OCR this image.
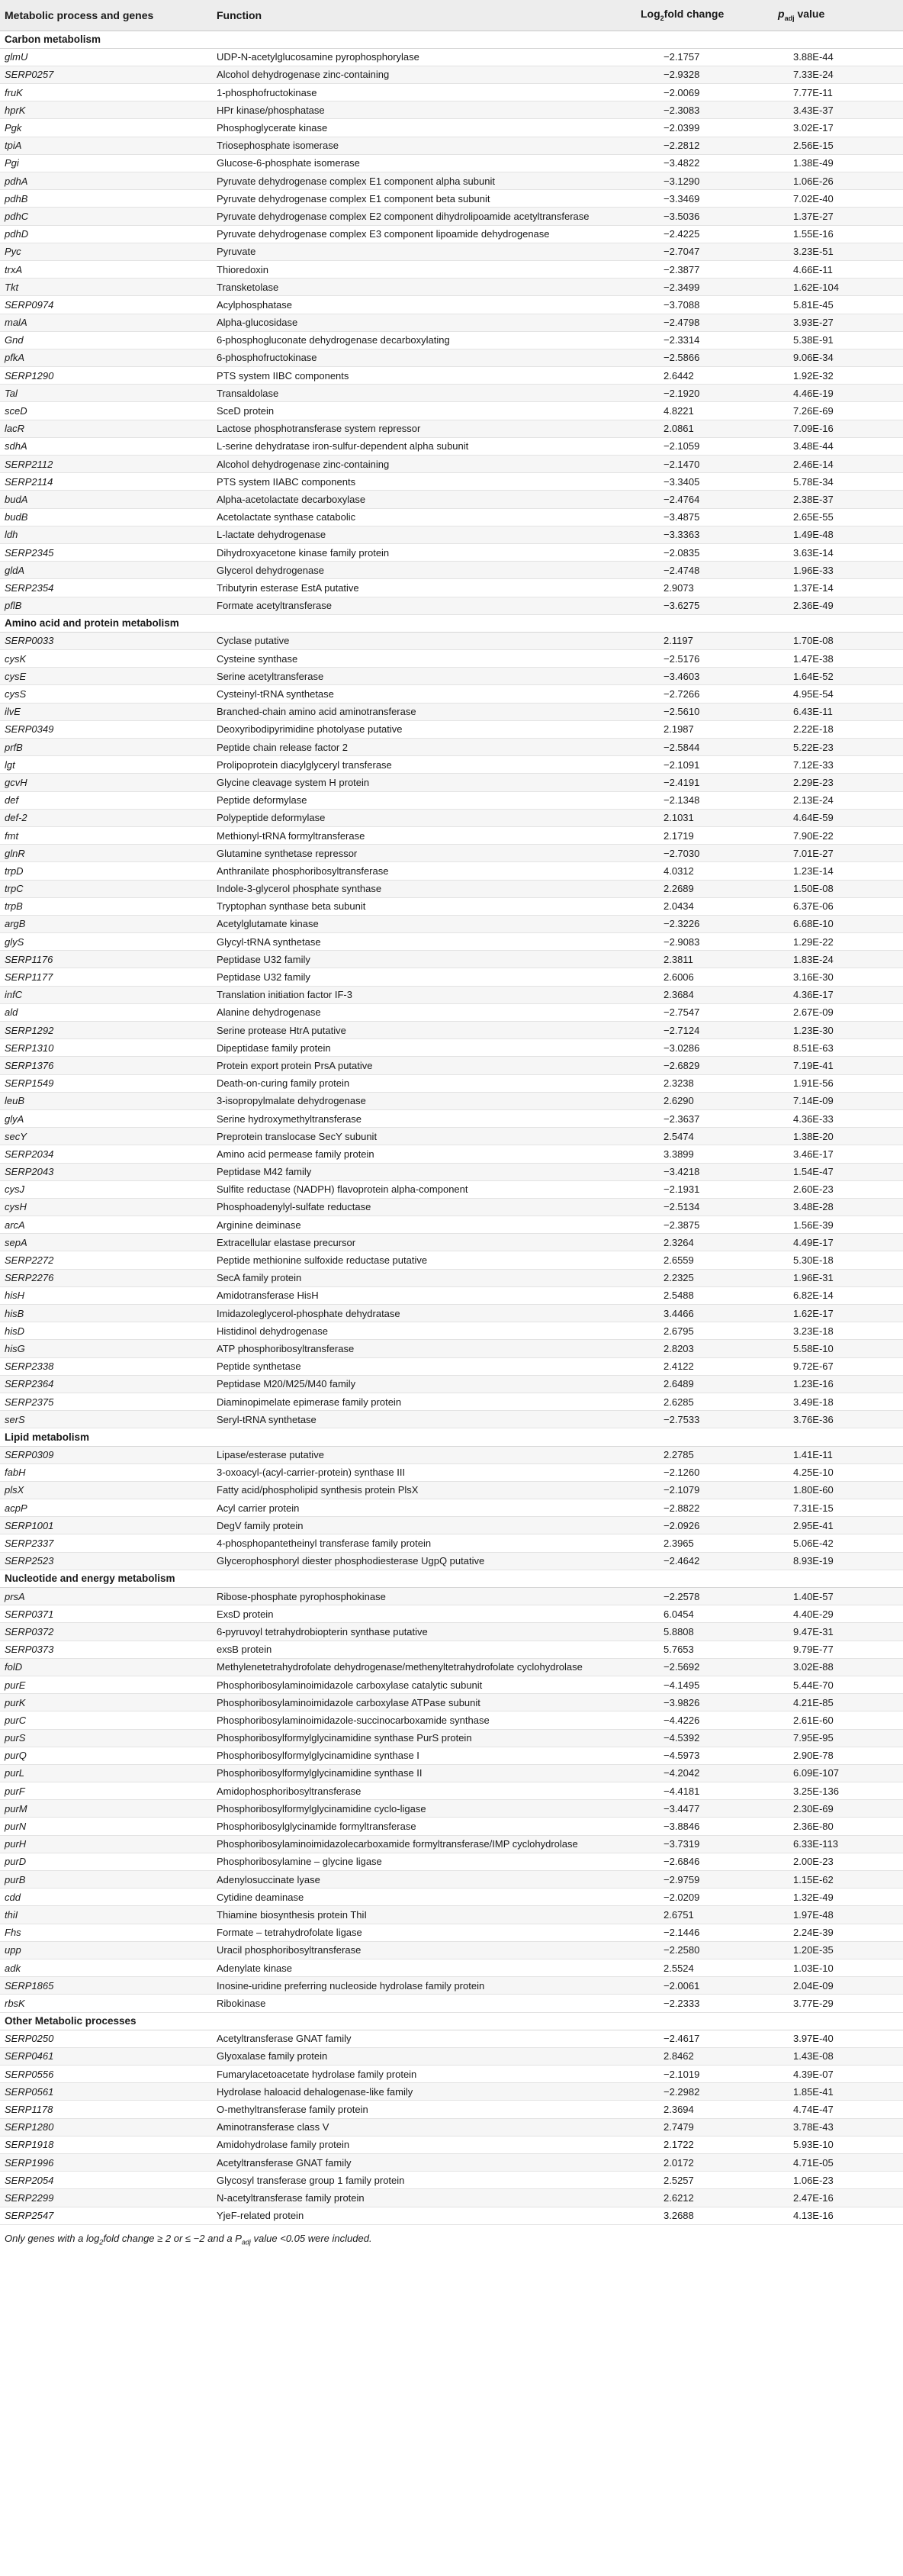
Metabolic process and genes	Function	Log$_2$fold change	$p_{adj}$ value
Carbon metabolism			
glmU	UDP-N-acetylglucosamine pyrophosphorylase	−2.1757	3.88E-44
SERP0257	Alcohol dehydrogenase zinc-containing	−2.9328	7.33E-24
fruK	1-phosphofructokinase	−2.0069	7.77E-11
hprK	HPr kinase/phosphatase	−2.3083	3.43E-37
Pgk	Phosphoglycerate kinase	−2.0399	3.02E-17
tpiA	Triosephosphate isomerase	−2.2812	2.56E-15
Pgi	Glucose-6-phosphate isomerase	−3.4822	1.38E-49
pdhA	Pyruvate dehydrogenase complex E1 component alpha subunit	−3.1290	1.06E-26
pdhB	Pyruvate dehydrogenase complex E1 component beta subunit	−3.3469	7.02E-40
pdhC	Pyruvate dehydrogenase complex E2 component dihydrolipoamide acetyltransferase	−3.5036	1.37E-27
pdhD	Pyruvate dehydrogenase complex E3 component lipoamide dehydrogenase	−2.4225	1.55E-16
Pyc	Pyruvate	−2.7047	3.23E-51
trxA	Thioredoxin	−2.3877	4.66E-11
Tkt	Transketolase	−2.3499	1.62E-104
SERP0974	Acylphosphatase	−3.7088	5.81E-45
malA	Alpha-glucosidase	−2.4798	3.93E-27
Gnd	6-phosphogluconate dehydrogenase decarboxylating	−2.3314	5.38E-91
pfkA	6-phosphofructokinase	−2.5866	9.06E-34
SERP1290	PTS system IIBC components	2.6442	1.92E-32
Tal	Transaldolase	−2.1920	4.46E-19
sceD	SceD protein	4.8221	7.26E-69
lacR	Lactose phosphotransferase system repressor	2.0861	7.09E-16
sdhA	L-serine dehydratase iron-sulfur-dependent alpha subunit	−2.1059	3.48E-44
SERP2112	Alcohol dehydrogenase zinc-containing	−2.1470	2.46E-14
SERP2114	PTS system IIABC components	−3.3405	5.78E-34
budA	Alpha-acetolactate decarboxylase	−2.4764	2.38E-37
budB	Acetolactate synthase catabolic	−3.4875	2.65E-55
ldh	L-lactate dehydrogenase	−3.3363	1.49E-48
SERP2345	Dihydroxyacetone kinase family protein	−2.0835	3.63E-14
gldA	Glycerol dehydrogenase	−2.4748	1.96E-33
SERP2354	Tributyrin esterase EstA putative	2.9073	1.37E-14
pflB	Formate acetyltransferase	−3.6275	2.36E-49
Amino acid and protein metabolism			
SERP0033	Cyclase putative	2.1197	1.70E-08
cysK	Cysteine synthase	−2.5176	1.47E-38
cysE	Serine acetyltransferase	−3.4603	1.64E-52
cysS	Cysteinyl-tRNA synthetase	−2.7266	4.95E-54
ilvE	Branched-chain amino acid aminotransferase	−2.5610	6.43E-11
SERP0349	Deoxyribodipyrimidine photolyase putative	2.1987	2.22E-18
prfB	Peptide chain release factor 2	−2.5844	5.22E-23
lgt	Prolipoprotein diacylglyceryl transferase	−2.1091	7.12E-33
gcvH	Glycine cleavage system H protein	−2.4191	2.29E-23
def	Peptide deformylase	−2.1348	2.13E-24
def-2	Polypeptide deformylase	2.1031	4.64E-59
fmt	Methionyl-tRNA formyltransferase	2.1719	7.90E-22
glnR	Glutamine synthetase repressor	−2.7030	7.01E-27
trpD	Anthranilate phosphoribosyltransferase	4.0312	1.23E-14
trpC	Indole-3-glycerol phosphate synthase	2.2689	1.50E-08
trpB	Tryptophan synthase beta subunit	2.0434	6.37E-06
argB	Acetylglutamate kinase	−2.3226	6.68E-10
glyS	Glycyl-tRNA synthetase	−2.9083	1.29E-22
SERP1176	Peptidase U32 family	2.3811	1.83E-24
SERP1177	Peptidase U32 family	2.6006	3.16E-30
infC	Translation initiation factor IF-3	2.3684	4.36E-17
ald	Alanine dehydrogenase	−2.7547	2.67E-09
SERP1292	Serine protease HtrA putative	−2.7124	1.23E-30
SERP1310	Dipeptidase family protein	−3.0286	8.51E-63
SERP1376	Protein export protein PrsA putative	−2.6829	7.19E-41
SERP1549	Death-on-curing family protein	2.3238	1.91E-56
leuB	3-isopropylmalate dehydrogenase	2.6290	7.14E-09
glyA	Serine hydroxymethyltransferase	−2.3637	4.36E-33
secY	Preprotein translocase SecY subunit	2.5474	1.38E-20
SERP2034	Amino acid permease family protein	3.3899	3.46E-17
SERP2043	Peptidase M42 family	−3.4218	1.54E-47
cysJ	Sulfite reductase (NADPH) flavoprotein alpha-component	−2.1931	2.60E-23
cysH	Phosphoadenylyl-sulfate reductase	−2.5134	3.48E-28
arcA	Arginine deiminase	−2.3875	1.56E-39
sepA	Extracellular elastase precursor	2.3264	4.49E-17
SERP2272	Peptide methionine sulfoxide reductase putative	2.6559	5.30E-18
SERP2276	SecA family protein	2.2325	1.96E-31
hisH	Amidotransferase HisH	2.5488	6.82E-14
hisB	Imidazoleglycerol-phosphate dehydratase	3.4466	1.62E-17
hisD	Histidinol dehydrogenase	2.6795	3.23E-18
hisG	ATP phosphoribosyltransferase	2.8203	5.58E-10
SERP2338	Peptide synthetase	2.4122	9.72E-67
SERP2364	Peptidase M20/M25/M40 family	2.6489	1.23E-16
SERP2375	Diaminopimelate epimerase family protein	2.6285	3.49E-18
serS	Seryl-tRNA synthetase	−2.7533	3.76E-36
Lipid metabolism			
SERP0309	Lipase/esterase putative	2.2785	1.41E-11
fabH	3-oxoacyl-(acyl-carrier-protein) synthase III	−2.1260	4.25E-10
plsX	Fatty acid/phospholipid synthesis protein PlsX	−2.1079	1.80E-60
acpP	Acyl carrier protein	−2.8822	7.31E-15
SERP1001	DegV family protein	−2.0926	2.95E-41
SERP2337	4-phosphopantetheinyl transferase family protein	2.3965	5.06E-42
SERP2523	Glycerophosphoryl diester phosphodiesterase UgpQ putative	−2.4642	8.93E-19
Nucleotide and energy metabolism			
prsA	Ribose-phosphate pyrophosphokinase	−2.2578	1.40E-57
SERP0371	ExsD protein	6.0454	4.40E-29
SERP0372	6-pyruvoyl tetrahydrobiopterin synthase putative	5.8808	9.47E-31
SERP0373	exsB protein	5.7653	9.79E-77
folD	Methylenetetrahydrofolate dehydrogenase/methenyltetrahydrofolate cyclohydrolase	−2.5692	3.02E-88
purE	Phosphoribosylaminoimidazole carboxylase catalytic subunit	−4.1495	5.44E-70
purK	Phosphoribosylaminoimidazole carboxylase ATPase subunit	−3.9826	4.21E-85
purC	Phosphoribosylaminoimidazole-succinocarboxamide synthase	−4.4226	2.61E-60
purS	Phosphoribosylformylglycinamidine synthase PurS protein	−4.5392	7.95E-95
purQ	Phosphoribosylformylglycinamidine synthase I	−4.5973	2.90E-78
purL	Phosphoribosylformylglycinamidine synthase II	−4.2042	6.09E-107
purF	Amidophosphoribosyltransferase	−4.4181	3.25E-136
purM	Phosphoribosylformylglycinamidine cyclo-ligase	−3.4477	2.30E-69
purN	Phosphoribosylglycinamide formyltransferase	−3.8846	2.36E-80
purH	Phosphoribosylaminoimidazolecarboxamide formyltransferase/IMP cyclohydrolase	−3.7319	6.33E-113
purD	Phosphoribosylamine – glycine ligase	−2.6846	2.00E-23
purB	Adenylosuccinate lyase	−2.9759	1.15E-62
cdd	Cytidine deaminase	−2.0209	1.32E-49
thiI	Thiamine biosynthesis protein ThiI	2.6751	1.97E-48
Fhs	Formate – tetrahydrofolate ligase	−2.1446	2.24E-39
upp	Uracil phosphoribosyltransferase	−2.2580	1.20E-35
adk	Adenylate kinase	2.5524	1.03E-10
SERP1865	Inosine-uridine preferring nucleoside hydrolase family protein	−2.0061	2.04E-09
rbsK	Ribokinase	−2.2333	3.77E-29
Other Metabolic processes			
SERP0250	Acetyltransferase GNAT family	−2.4617	3.97E-40
SERP0461	Glyoxalase family protein	2.8462	1.43E-08
SERP0556	Fumarylacetoacetate hydrolase family protein	−2.1019	4.39E-07
SERP0561	Hydrolase haloacid dehalogenase-like family	−2.2982	1.85E-41
SERP1178	O-methyltransferase family protein	2.3694	4.74E-47
SERP1280	Aminotransferase class V	2.7479	3.78E-43
SERP1918	Amidohydrolase family protein	2.1722	5.93E-10
SERP1996	Acetyltransferase GNAT family	2.0172	4.71E-05
SERP2054	Glycosyl transferase group 1 family protein	2.5257	1.06E-23
SERP2299	N-acetyltransferase family protein	2.6212	2.47E-16
SERP2547	YjeF-related protein	3.2688	4.13E-16
Only genes with a $\log_2fold$ change ≥ 2 or ≤ −2 and a $P_{adj}$ value <0.05 were included.
